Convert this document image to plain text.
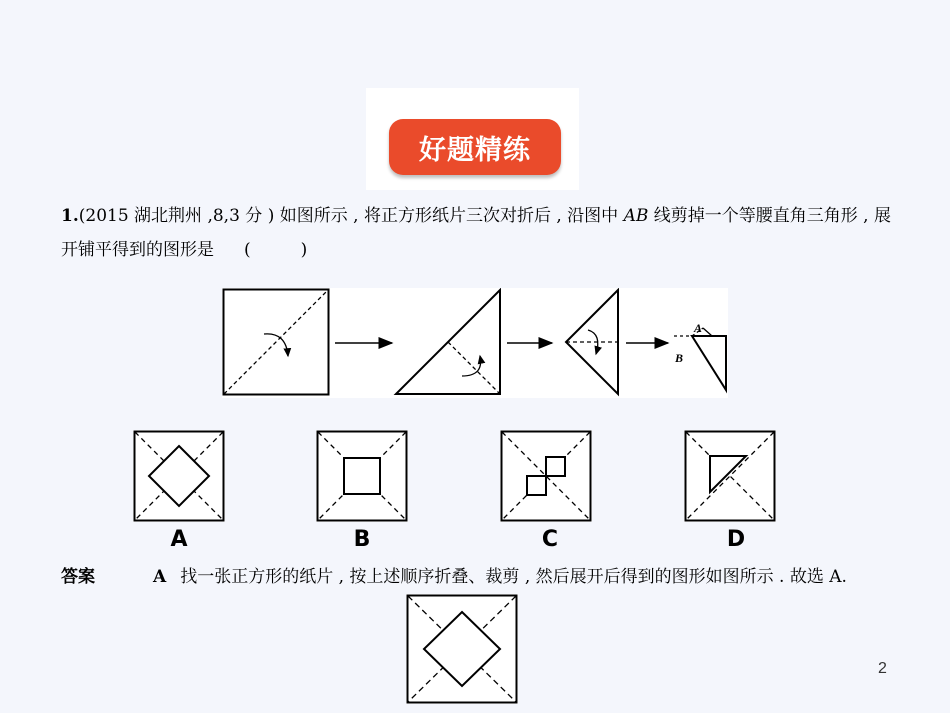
好题精练
1.(2015 湖北荆州 ,8,3 分 ) 如图所示 , 将正方形纸片三次对折后 , 沿图中 AB 线剪掉一个等腰直角三角形 , 展开铺平得到的图形是 (	)
A
B
A	B	C	D
答案	A 找一张正方形的纸片 , 按上述顺序折叠、裁剪 , 然后展开后得到的图形如图所示 . 故选 A.
2
